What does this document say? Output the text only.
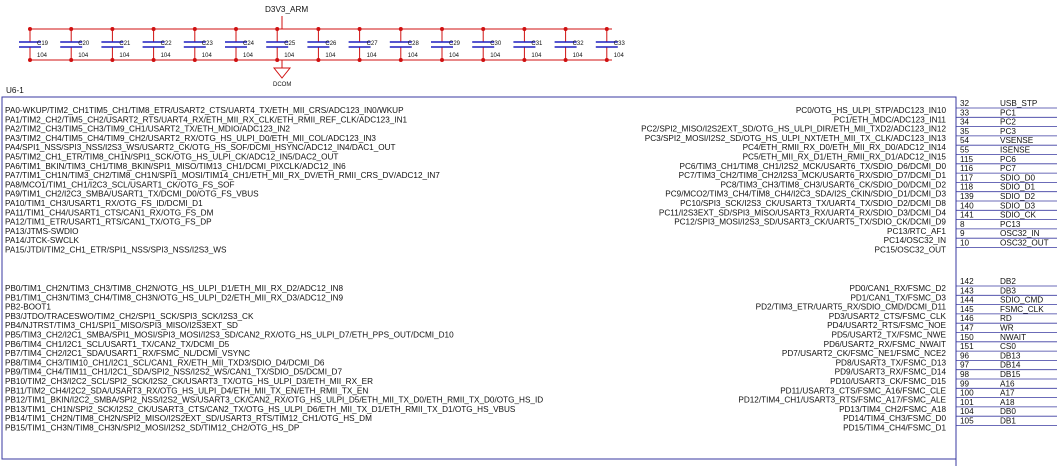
D3V3_ARM
C19
104
C20
104
C21
104
C22
104
C23
104
C24
104
C25
104
C26
104
C27
104
C28
104
C29
104
C30
104
C31
104
C32
104
C33
104
DCOM
U6-1
PA0-WKUP/TIM2_CH1TIM5_CH1/TIM8_ETR/USART2_CTS/UART4_TX/ETH_MII_CRS/ADC123_IN0/WKUP
PA1/TIM2_CH2/TIM5_CH2/USART2_RTS/UART4_RX/ETH_MII_RX_CLK/ETH_RMII_REF_CLK/ADC123_IN1
PA2/TIM2_CH3/TIM5_CH3/TIM9_CH1/USART2_TX/ETH_MDIO/ADC123_IN2
PA3/TIM2_CH4/TIM5_CH4/TIM9_CH2/USART2_RX/OTG_HS_ULPI_D0/ETH_MII_COL/ADC123_IN3
PA4/SPI1_NSS/SPI3_NSS/I2S3_WS/USART2_CK/OTG_HS_SOF/DCMI_HSYNC/ADC12_IN4/DAC1_OUT
PA5/TIM2_CH1_ETR/TIM8_CH1N/SPI1_SCK/OTG_HS_ULPI_CK/ADC12_IN5/DAC2_OUT
PA6/TIM1_BKIN/TIM3_CH1/TIM8_BKIN/SPI1_MISO/TIM13_CH1/DCMI_PIXCLK/ADC12_IN6
PA7/TIM1_CH1N/TIM3_CH2/TIM8_CH1N/SPI1_MOSI/TIM14_CH1/ETH_MII_RX_DV/ETH_RMII_CRS_DV/ADC12_IN7
PA8/MCO1/TIM1_CH1/I2C3_SCL/USART1_CK/OTG_FS_SOF
PA9/TIM1_CH2/I2C3_SMBA/USART1_TX/DCMI_D0/OTG_FS_VBUS
PA10/TIM1_CH3/USART1_RX/OTG_FS_ID/DCMI_D1
PA11/TIM1_CH4/USART1_CTS/CAN1_RX/OTG_FS_DM
PA12/TIM1_ETR/USART1_RTS/CAN1_TX/OTG_FS_DP
PA13/JTMS-SWDIO
PA14/JTCK-SWCLK
PA15/JTDI/TIM2_CH1_ETR/SPI1_NSS/SPI3_NSS/I2S3_WS
PB0/TIM1_CH2N/TIM3_CH3/TIM8_CH2N/OTG_HS_ULPI_D1/ETH_MII_RX_D2/ADC12_IN8
PB1/TIM1_CH3N/TIM3_CH4/TIM8_CH3N/OTG_HS_ULPI_D2/ETH_MII_RX_D3/ADC12_IN9
PB2-BOOT1
PB3/JTDO/TRACESWO/TIM2_CH2/SPI1_SCK/SPI3_SCK/I2S3_CK
PB4/NJTRST/TIM3_CH1/SPI1_MISO/SPI3_MISO/I2S3EXT_SD
PB5/TIM3_CH2/I2C1_SMBA/SPI1_MOSI/SPI3_MOSI/I2S3_SD/CAN2_RX/OTG_HS_ULPI_D7/ETH_PPS_OUT/DCMI_D10
PB6/TIM4_CH1/I2C1_SCL/USART1_TX/CAN2_TX/DCMI_D5
PB7/TIM4_CH2/I2C1_SDA/USART1_RX/FSMC_NL/DCMI_VSYNC
PB8/TIM4_CH3/TIM10_CH1/I2C1_SCL/CAN1_RX/ETH_MII_TXD3/SDIO_D4/DCMI_D6
PB9/TIM4_CH4/TIM11_CH1/I2C1_SDA/SPI2_NSS/I2S2_WS/CAN1_TX/SDIO_D5/DCMI_D7
PB10/TIM2_CH3/I2C2_SCL/SPI2_SCK/I2S2_CK/USART3_TX/OTG_HS_ULPI_D3/ETH_MII_RX_ER
PB11/TIM2_CH4/I2C2_SDA/USART3_RX/OTG_HS_ULPI_D4/ETH_MII_TX_EN/ETH_RMII_TX_EN
PB12/TIM1_BKIN/I2C2_SMBA/SPI2_NSS/I2S2_WS/USART3_CK/CAN2_RX/OTG_HS_ULPI_D5/ETH_MII_TX_D0/ETH_RMII_TX_D0/OTG_HS_ID
PB13/TIM1_CH1N/SPI2_SCK/I2S2_CK/USART3_CTS/CAN2_TX/OTG_HS_ULPI_D6/ETH_MII_TX_D1/ETH_RMII_TX_D1/OTG_HS_VBUS
PB14/TIM1_CH2N/TIM8_CH2N/SPI2_MISO/I2S2EXT_SD/USART3_RTS/TIM12_CH1/OTG_HS_DM
PB15/TIM1_CH3N/TIM8_CH3N/SPI2_MOSI/I2S2_SD/TIM12_CH2/OTG_HS_DP
PC0/OTG_HS_ULPI_STP/ADC123_IN10
PC1/ETH_MDC/ADC123_IN11
PC2/SPI2_MISO/I2S2EXT_SD/OTG_HS_ULPI_DIR/ETH_MII_TXD2/ADC123_IN12
PC3/SPI2_MOSI/I2S2_SD/OTG_HS_ULPI_NXT/ETH_MII_TX_CLK/ADC123_IN13
PC4/ETH_RMII_RX_D0/ETH_MII_RX_D0/ADC12_IN14
PC5/ETH_MII_RX_D1/ETH_RMII_RX_D1/ADC12_IN15
PC6/TIM3_CH1/TIM8_CH1/I2S2_MCK/USART6_TX/SDIO_D6/DCMI_D0
PC7/TIM3_CH2/TIM8_CH2/I2S3_MCK/USART6_RX/SDIO_D7/DCMI_D1
PC8/TIM3_CH3/TIM8_CH3/USART6_CK/SDIO_D0/DCMI_D2
PC9/MCO2/TIM3_CH4/TIM8_CH4/I2C3_SDA/I2S_CKIN/SDIO_D1/DCMI_D3
PC10/SPI3_SCK/I2S3_CK/USART3_TX/UART4_TX/SDIO_D2/DCMI_D8
PC11/I2S3EXT_SD/SPI3_MISO/USART3_RX/UART4_RX/SDIO_D3/DCMI_D4
PC12/SPI3_MOSI/I2S3_SD/USART3_CK/UART5_TX/SDIO_CK/DCMI_D9
PC13/RTC_AF1
PC14/OSC32_IN
PC15/OSC32_OUT
PD0/CAN1_RX/FSMC_D2
PD1/CAN1_TX/FSMC_D3
PD2/TIM3_ETR/UART5_RX/SDIO_CMD/DCMI_D11
PD3/USART2_CTS/FSMC_CLK
PD4/USART2_RTS/FSMC_NOE
PD5/USART2_TX/FSMC_NWE
PD6/USART2_RX/FSMC_NWAIT
PD7/USART2_CK/FSMC_NE1/FSMC_NCE2
PD8/USART3_TX/FSMC_D13
PD9/USART3_RX/FSMC_D14
PD10/USART3_CK/FSMC_D15
PD11/USART3_CTS/FSMC_A16/FSMC_CLE
PD12/TIM4_CH1/USART3_RTS/FSMC_A17/FSMC_ALE
PD13/TIM4_CH2/FSMC_A18
PD14/TIM4_CH3/FSMC_D0
PD15/TIM4_CH4/FSMC_D1
32	USB_STP
33	PC1
34	PC2
35	PC3
54	VSENSE
55	ISENSE
115	PC6
116	PC7
117	SDIO_D0
118	SDIO_D1
139	SDIO_D2
140	SDIO_D3
141	SDIO_CK
8	PC13
9	OSC32_IN
10	OSC32_OUT
142	DB2
143	DB3
144	SDIO_CMD
145	FSMC_CLK
146	RD
147	WR
150	NWAIT
151	CS0
96	DB13
97	DB14
98	DB15
99	A16
100	A17
101	A18
104	DB0
105	DB1
